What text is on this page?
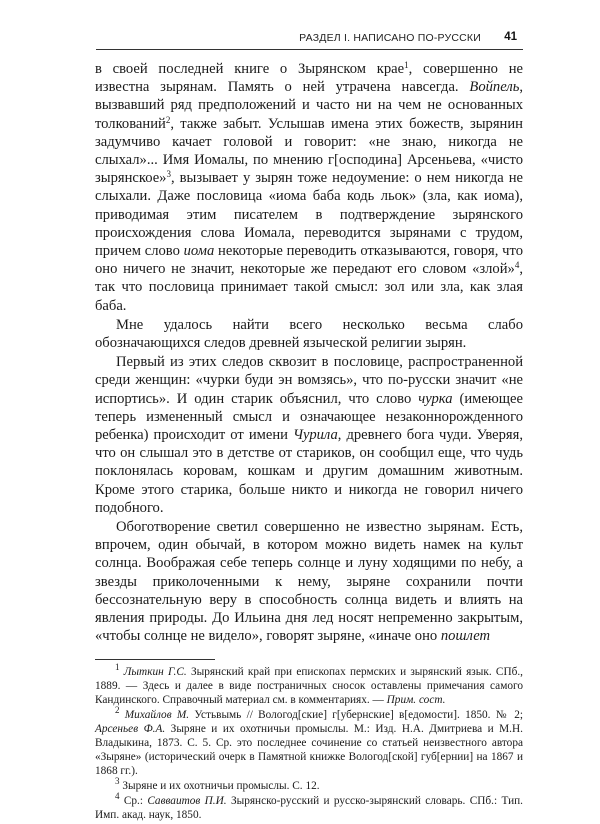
РАЗДЕЛ I. НАПИСАНО ПО-РУССКИ 41

в своей последней книге о Зырянском крае$^1$, совершенно не известна зырянам. Память о ней утрачена навсегда. Войпель, вызвавший ряд предположений и часто ни на чем не основанных толкований$^2$, также забыт. Услышав имена этих божеств, зырянин задумчиво качает головой и говорит: «не знаю, никогда не слыхал»... Имя Иомалы, по мнению г[осподина] Арсеньева, «чисто зырянское»$^3$, вызывает у зырян тоже недоумение: о нем никогда не слыхали. Даже пословица «иома баба кодь льок» (зла, как иома), приводимая этим писателем в подтверждение зырянского происхождения слова Иомала, переводится зырянами с трудом, причем слово иома некоторые переводить отказываются, говоря, что оно ничего не значит, некоторые же передают его словом «злой»$^4$, так что пословица принимает такой смысл: зол или зла, как злая баба.

Мне удалось найти всего несколько весьма слабо обозначающихся следов древней языческой религии зырян.

Первый из этих следов сквозит в пословице, распространенной среди женщин: «чурки буди эн вомзясь», что по-русски значит «не испортись». И один старик объяснил, что слово чурка (имеющее теперь измененный смысл и означающее незаконнорожденного ребенка) происходит от имени Чурила, древнего бога чуди. Уверяя, что он слышал это в детстве от стариков, он сообщил еще, что чудь поклонялась коровам, кошкам и другим домашним животным. Кроме этого старика, больше никто и никогда не говорил ничего подобного.

Обоготворение светил совершенно не известно зырянам. Есть, впрочем, один обычай, в котором можно видеть намек на культ солнца. Воображая себе теперь солнце и луну ходящими по небу, а звезды приколоченными к нему, зыряне сохранили почти бессознательную веру в способность солнца видеть и влиять на явления природы. До Ильина дня лед носят непременно закрытым, «чтобы солнце не видело», говорят зыряне, «иначе оно пошлет

$^1$ Лыткин Г.С. Зырянский край при епископах пермских и зырянский язык. СПб., 1889. — Здесь и далее в виде постраничных сносок оставлены примечания самого Кандинского. Справочный материал см. в комментариях. — Прим. сост.

$^2$ Михайлов М. Устьвымь // Вологод[ские] г[убернские] в[едомости]. 1850. № 2; Арсеньев Ф.А. Зыряне и их охотничьи промыслы. М.: Изд. Н.А. Дмитриева и М.Н. Владыкина, 1873. С. 5. Ср. это последнее сочинение со статьей неизвестного автора «Зыряне» (исторический очерк в Памятной книжке Вологод[ской] губ[ернии] на 1867 и 1868 гг.).

$^3$ Зыряне и их охотничьи промыслы. С. 12.

$^4$ Ср.: Савваитов П.И. Зырянско-русский и русско-зырянский словарь. СПб.: Тип. Имп. акад. наук, 1850.
